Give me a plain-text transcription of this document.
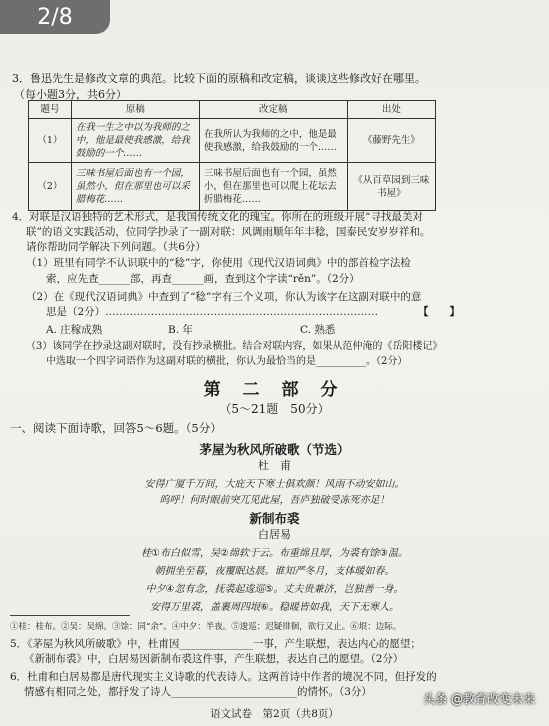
2/8
3．鲁迅先生是修改文章的典范。比较下面的原稿和改定稿，谈谈这些修改好在哪里。
（每小题3分，共6分）
题号	原稿	改定稿	出处
（1）	在我一生之中以为我师的之中，他是最使我感激，给我鼓励的一个……	在我所认为我师的之中，他是最使我感激，给我鼓励的一个……	《藤野先生》
（2）	三味书屋后面也有一个园，虽然小，但在那里也可以采腊梅花……	三味书屋后面也有一个园，虽然小，但在那里也可以爬上花坛去折腊梅花……	《从百草园到三味书屋》
4．对联是汉语独特的艺术形式，是我国传统文化的瑰宝。你所在的班级开展“寻找最美对
联”的语文实践活动，位同学抄录了一副对联：风调雨顺年年丰稔，国泰民安岁岁祥和。
请你帮助同学解决下列问题。（共6分）
（1）班里有同学不认识联中的“稔”字，你使用《现代汉语词典》中的部首检字法检
索，应先查______部，再查______画，查到这个字读“rěn”。（2分）
（2）在《现代汉语词典》中查到了“稔”字有三个义项，你认为该字在这副对联中的意
思是（2分）……………………………………………………………………	【　　】
A. 庄稼成熟	B. 年	C. 熟悉
（3）该同学在抄录这副对联时，没有抄录横批。结合对联内容，如果从范仲淹的《岳阳楼记》
中选取一个四字词语作为这副对联的横批，你认为最恰当的是__________。（2分）
第 二 部 分
（5～21题　50分）
一、阅读下面诗歌，回答5～6题。（5分）
茅屋为秋风所破歌（节选）
杜　甫
安得广厦千万间，大庇天下寒士俱欢颜！风雨不动安如山。
呜呼！何时眼前突兀见此屋，吾庐独破受冻死亦足！
新制布裘
白居易
桂①布白似雪，吴②绵软于云。布重绵且厚，为裘有馀③温。
朝拥坐至暮，夜覆眠达晨。谁知严冬月，支体暖如春。
中夕④忽有念，抚裘起逡巡⑤。丈夫贵兼济，岂独善一身。
安得万里裘，盖裹周四垠⑥。稳暖皆如我，天下无寒人。
①桂：桂布。②吴：吴绵。③馀：同“余”。④中夕：半夜。⑤逡巡：迟疑徘徊，欲行又止。⑥垠：边际。
5．《茅屋为秋风所破歌》中，杜甫因______________一事，产生联想，表达内心的愿望；
《新制布裘》中，白居易因新制布裘这件事，产生联想，表达自己的愿望。（2分）
6．杜甫和白居易都是唐代现实主义诗歌的代表诗人。这两首诗中作者的境况不同，但抒发的
情感有相同之处，都抒发了诗人________________________的情怀。（3分）
语文试卷　第2页（共8页）
头条 @教育改变未来
